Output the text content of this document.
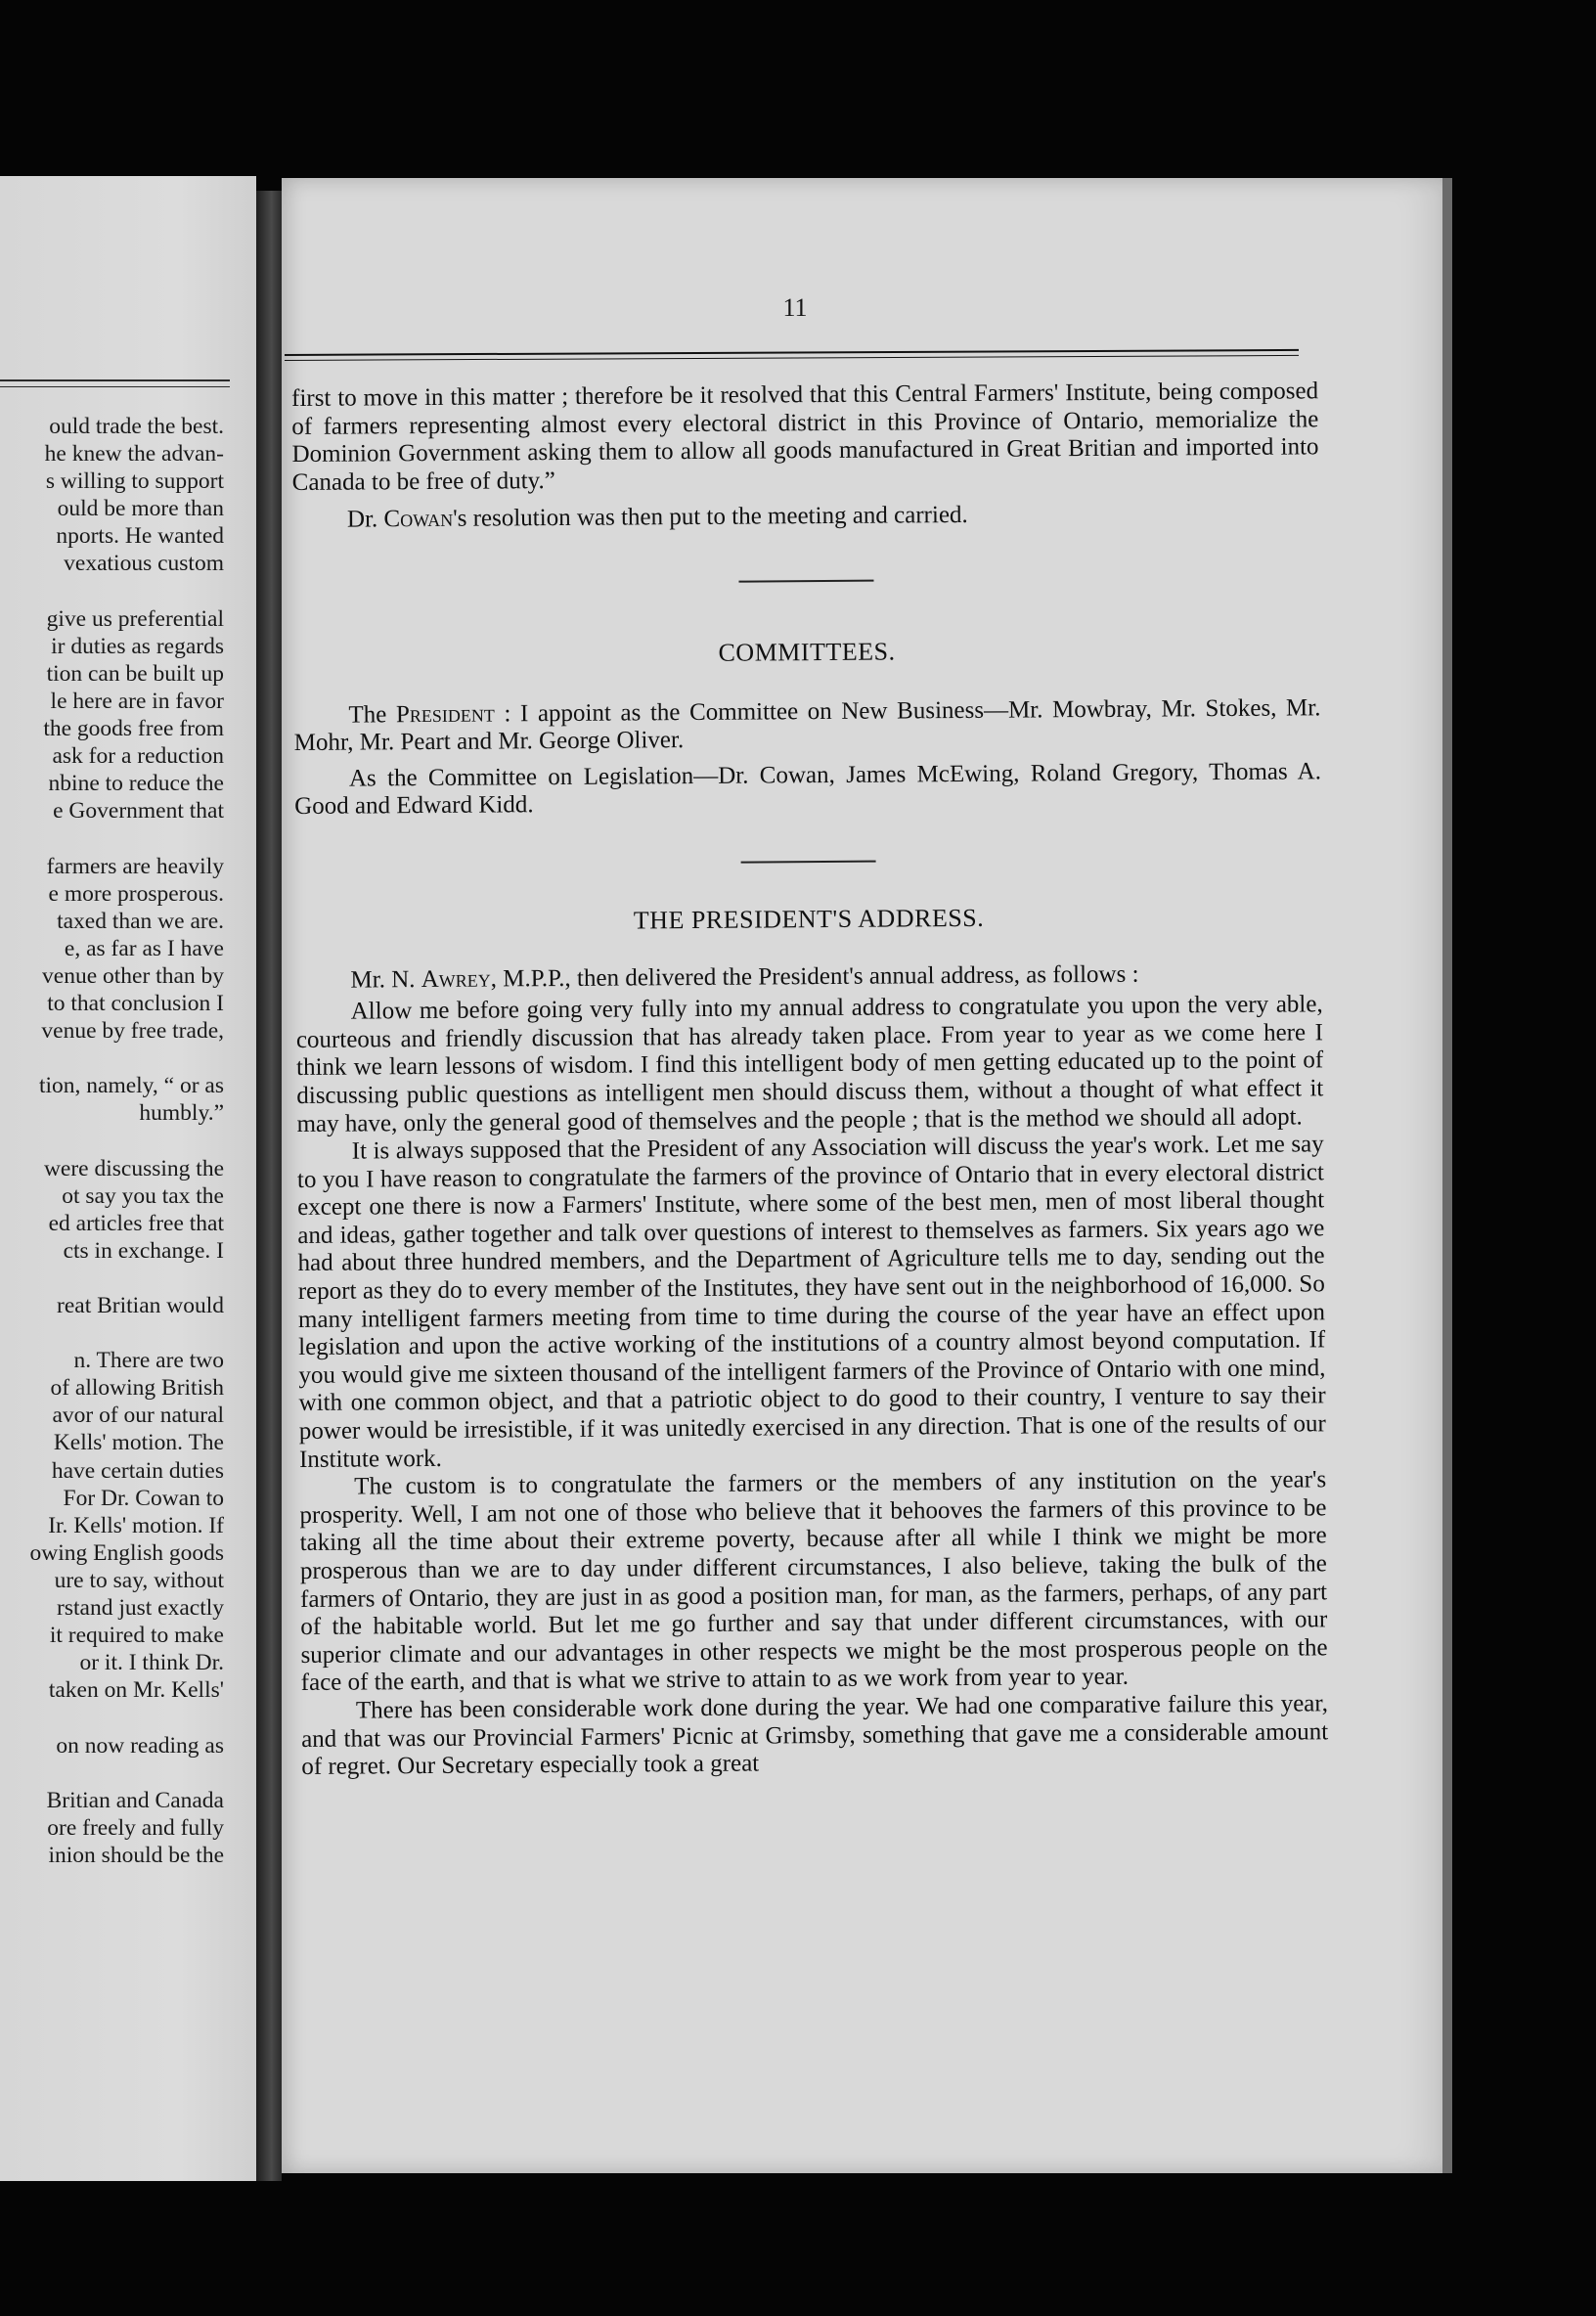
ould trade the best.
he knew the advan-
s willing to support
ould be more than
nports. He wanted
vexatious custom
give us preferential
ir duties as regards
tion can be built up
le here are in favor
the goods free from
ask for a reduction
nbine to reduce the
e Government that
farmers are heavily
e more prosperous.
taxed than we are.
e, as far as I have
venue other than by
to that conclusion I
venue by free trade,
tion, namely, “ or as
humbly.”
were discussing the
ot say you tax the
ed articles free that
cts in exchange. I
reat Britian would
n. There are two
of allowing British
avor of our natural
Kells' motion. The
have certain duties
For Dr. Cowan to
Ir. Kells' motion. If
owing English goods
ure to say, without
rstand just exactly
it required to make
or it. I think Dr.
taken on Mr. Kells'
on now reading as
Britian and Canada
ore freely and fully
inion should be the
11

first to move in this matter ; therefore be it resolved that this Central Farmers' Institute, being composed of farmers representing almost every electoral district in this Province of Ontario, memorialize the Dominion Government asking them to allow all goods manufactured in Great Britian and imported into Canada to be free of duty.”

Dr. Cowan's resolution was then put to the meeting and carried.

COMMITTEES.

The President : I appoint as the Committee on New Business—Mr. Mowbray, Mr. Stokes, Mr. Mohr, Mr. Peart and Mr. George Oliver.

As the Committee on Legislation—Dr. Cowan, James McEwing, Roland Gregory, Thomas A. Good and Edward Kidd.

THE PRESIDENT'S ADDRESS.

Mr. N. Awrey, M.P.P., then delivered the President's annual address, as follows :

Allow me before going very fully into my annual address to congratulate you upon the very able, courteous and friendly discussion that has already taken place. From year to year as we come here I think we learn lessons of wisdom. I find this intelligent body of men getting educated up to the point of discussing public questions as intelligent men should discuss them, without a thought of what effect it may have, only the general good of themselves and the people ; that is the method we should all adopt.

It is always supposed that the President of any Association will discuss the year's work. Let me say to you I have reason to congratulate the farmers of the province of Ontario that in every electoral district except one there is now a Farmers' Institute, where some of the best men, men of most liberal thought and ideas, gather together and talk over questions of interest to themselves as farmers. Six years ago we had about three hundred members, and the Department of Agriculture tells me to day, sending out the report as they do to every member of the Institutes, they have sent out in the neighborhood of 16,000. So many intelligent farmers meeting from time to time during the course of the year have an effect upon legislation and upon the active working of the institutions of a country almost beyond computation. If you would give me sixteen thousand of the intelligent farmers of the Province of Ontario with one mind, with one common object, and that a patriotic object to do good to their country, I venture to say their power would be irresistible, if it was unitedly exercised in any direction. That is one of the results of our Institute work.

The custom is to congratulate the farmers or the members of any institution on the year's prosperity. Well, I am not one of those who believe that it behooves the farmers of this province to be taking all the time about their extreme poverty, because after all while I think we might be more prosperous than we are to day under different circumstances, I also believe, taking the bulk of the farmers of Ontario, they are just in as good a position man, for man, as the farmers, perhaps, of any part of the habitable world. But let me go further and say that under different circumstances, with our superior climate and our advantages in other respects we might be the most prosperous people on the face of the earth, and that is what we strive to attain to as we work from year to year.

There has been considerable work done during the year. We had one comparative failure this year, and that was our Provincial Farmers' Picnic at Grimsby, something that gave me a considerable amount of regret. Our Secretary especially took a great
